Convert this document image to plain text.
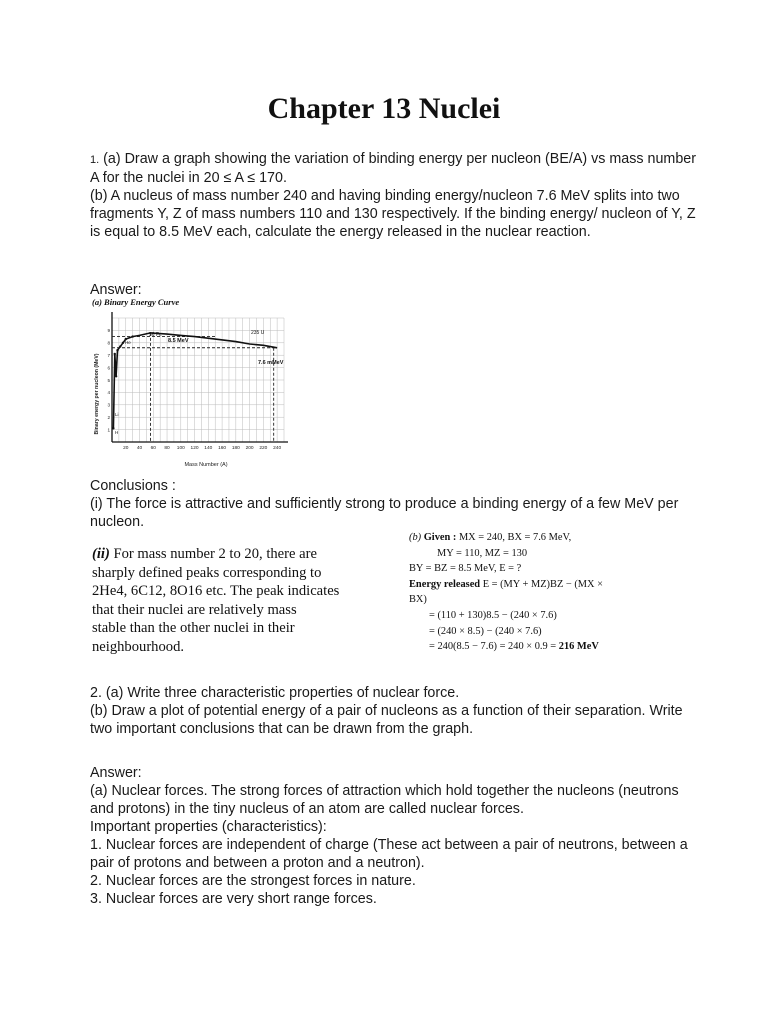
Chapter 13 Nuclei

1. (a) Draw a graph showing the variation of binding energy per nucleon (BE/A) vs mass number A for the nuclei in 20 ≤ A ≤ 170.

(b) A nucleus of mass number 240 and having binding energy/nucleon 7.6 MeV splits into two fragments Y, Z of mass numbers 110 and 130 respectively. If the binding energy/ nucleon of Y, Z is equal to 8.5 MeV each, calculate the energy released in the nuclear reaction.

Answer:
(a) Binary Energy Curve
Binary energy per nucleon (MeV)
Mass Number (A)
1
2
3
4
5
6
7
8
9
20 40 60 80 100 120 140 160 180 200 220 240
8.5 MeV
7.6 mMeV
56 Fe	235 U
He
Li
H

Conclusions :

(i) The force is attractive and sufficiently strong to produce a binding energy of a few MeV per nucleon.

(ii) For mass number 2 to 20, there are
sharply defined peaks corresponding to
2He4, 6C12, 8O16 etc. The peak indicates
that their nuclei are relatively mass
stable than the other nuclei in their
neighbourhood.
(b) Given : MX = 240, BX = 7.6 MeV,
MY = 110, MZ = 130
BY = BZ = 8.5 MeV, E = ?
Energy released E = (MY + MZ)BZ − (MX ×
BX)
= (110 + 130)8.5 − (240 × 7.6)
= (240 × 8.5) − (240 × 7.6)
= 240(8.5 − 7.6) = 240 × 0.9 = 216 MeV

2. (a) Write three characteristic properties of nuclear force.

(b) Draw a plot of potential energy of a pair of nucleons as a function of their separation. Write two important conclusions that can be drawn from the graph.

Answer:

(a) Nuclear forces. The strong forces of attraction which hold together the nucleons (neutrons and protons) in the tiny nucleus of an atom are called nuclear forces.

Important properties (characteristics):

1. Nuclear forces are independent of charge (These act between a pair of neutrons, between a pair of protons and between a proton and a neutron).

2. Nuclear forces are the strongest forces in nature.

3. Nuclear forces are very short range forces.
